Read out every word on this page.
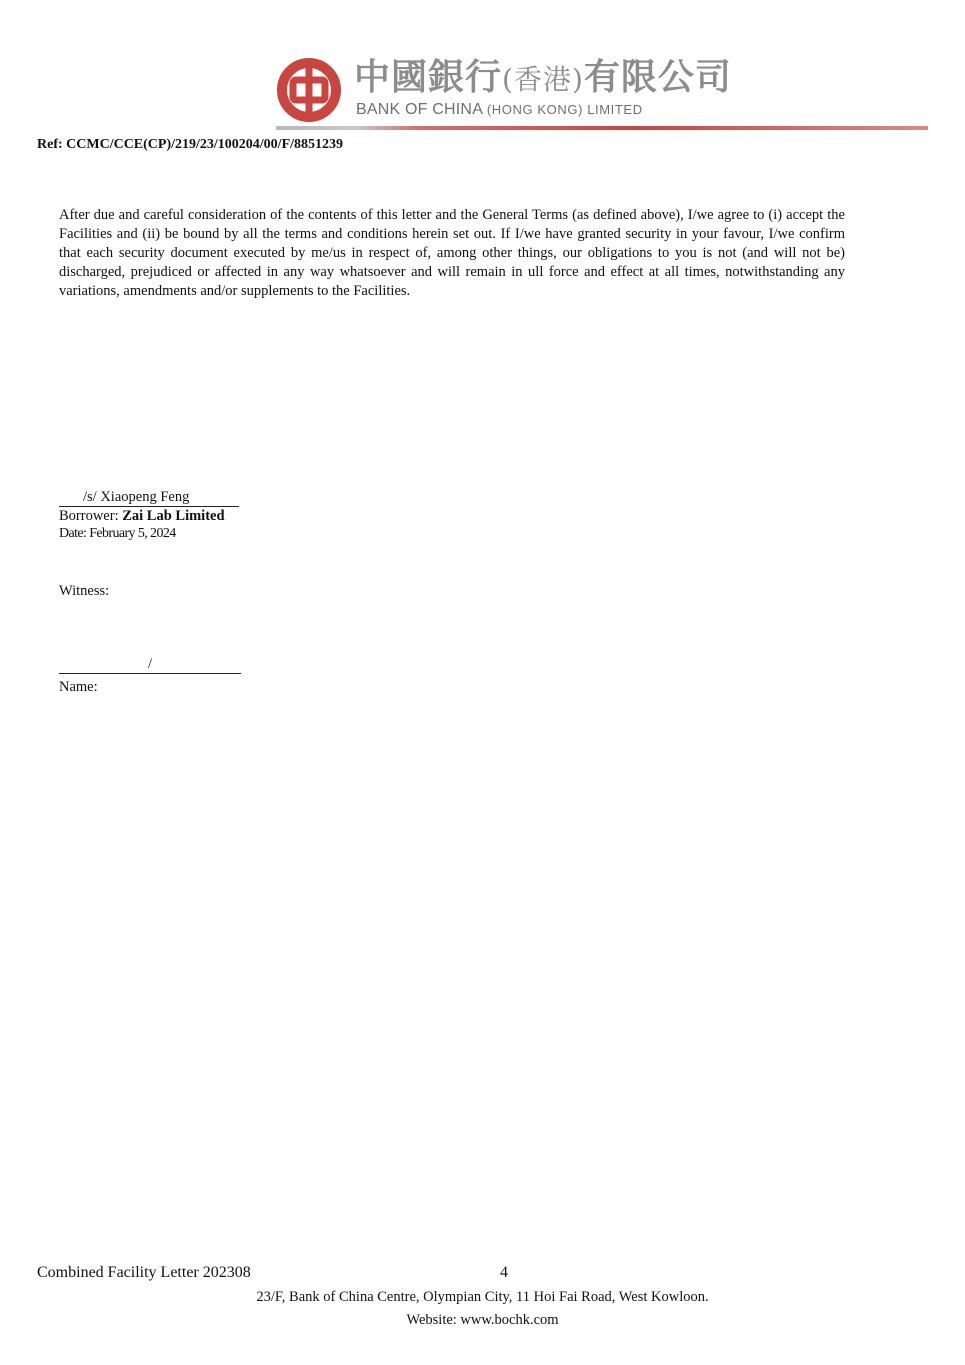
中國銀行(香港)有限公司
BANK OF CHINA (HONG KONG) LIMITED
Ref: CCMC/CCE(CP)/219/23/100204/00/F/8851239

After due and careful consideration of the contents of this letter and the General Terms (as defined above), I/we agree to (i) accept the Facilities and (ii) be bound by all the terms and conditions herein set out. If I/we have granted security in your favour, I/we confirm that each security document executed by me/us in respect of, among other things, our obligations to you is not (and will not be) discharged, prejudiced or affected in any way whatsoever and will remain in ull force and effect at all times, notwithstanding any variations, amendments and/or supplements to the Facilities.

/s/ Xiaopeng Feng
Borrower: Zai Lab Limited
Date: February 5, 2024
Witness:
/
Name:
Combined Facility Letter 202308	4
23/F, Bank of China Centre, Olympian City, 11 Hoi Fai Road, West Kowloon.
Website: www.bochk.com
